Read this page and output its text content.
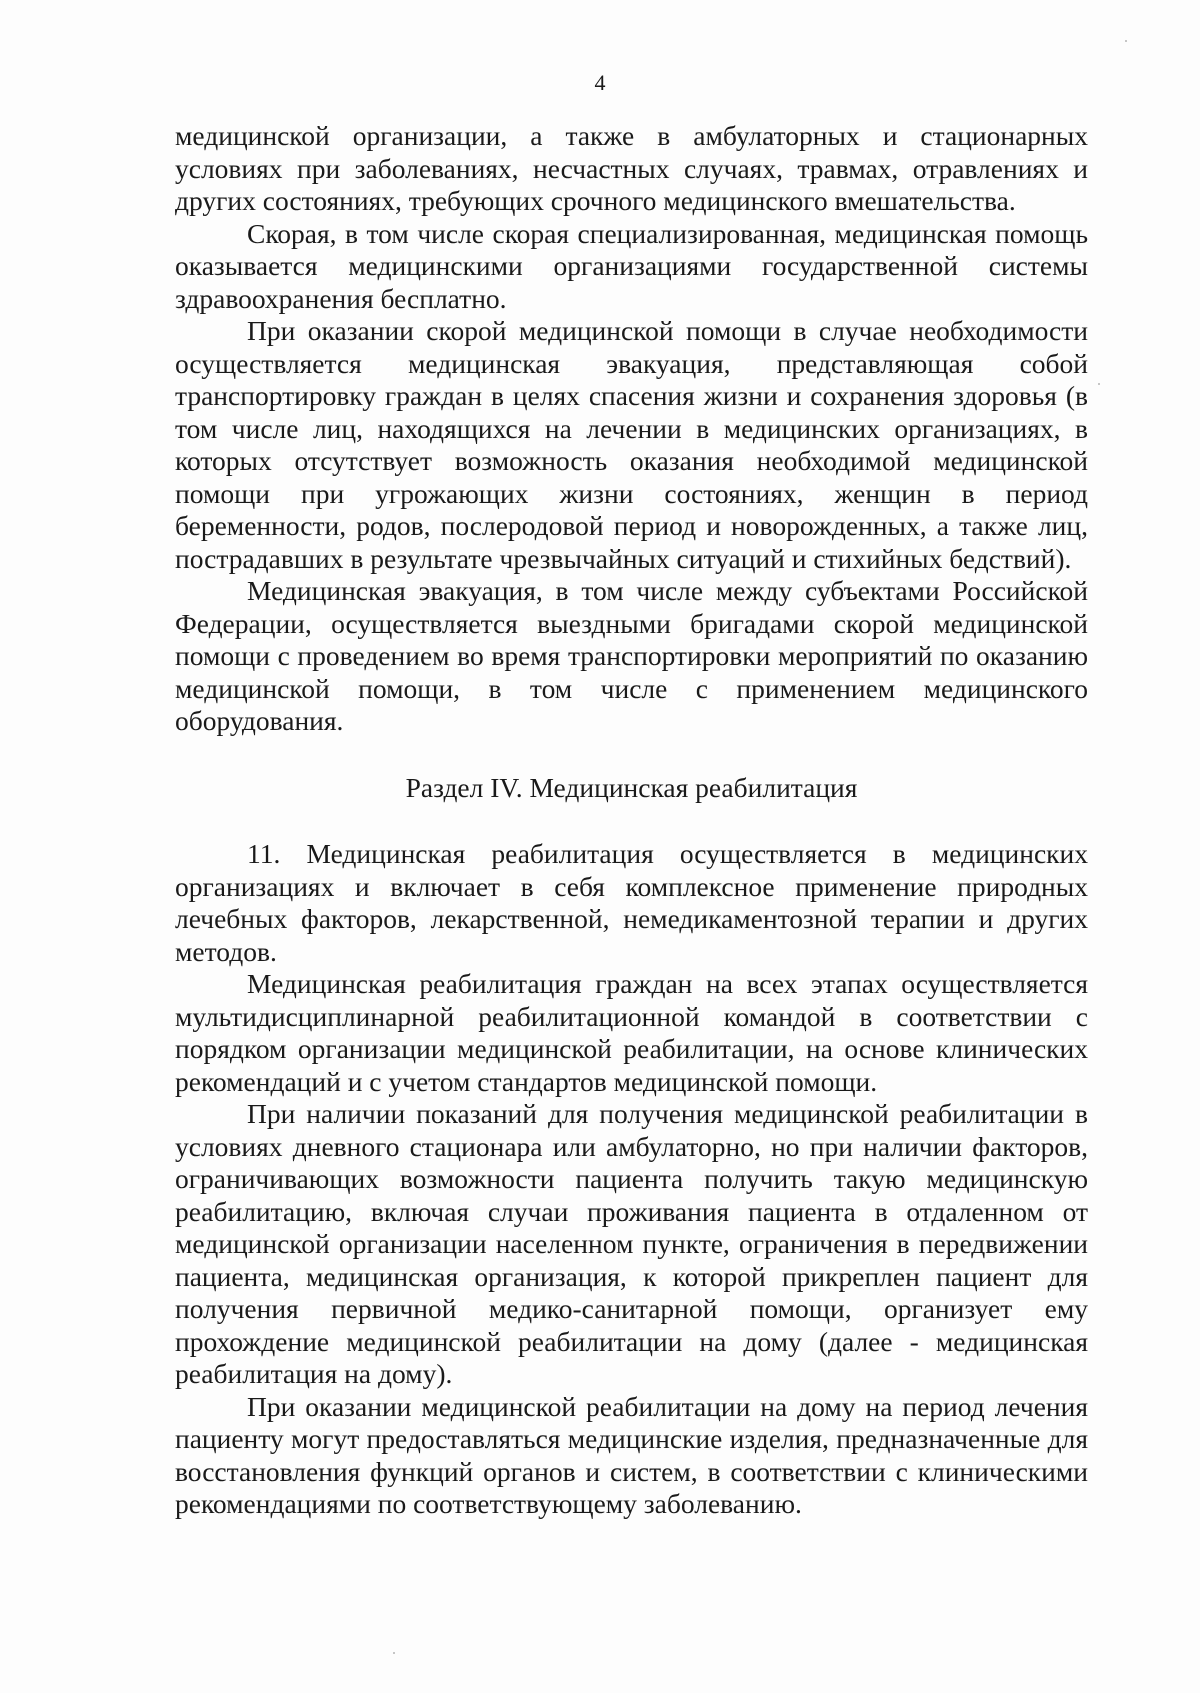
4

медицинской организации, а также в амбулаторных и стационарных условиях при заболеваниях, несчастных случаях, травмах, отравлениях и других состояниях, требующих срочного медицинского вмешательства.

Скорая, в том числе скорая специализированная, медицинская помощь оказывается медицинскими организациями государственной системы здравоохранения бесплатно.

При оказании скорой медицинской помощи в случае необходимости осуществляется медицинская эвакуация, представляющая собой транспортировку граждан в целях спасения жизни и сохранения здоровья (в том числе лиц, находящихся на лечении в медицинских организациях, в которых отсутствует возможность оказания необходимой медицинской помощи при угрожающих жизни состояниях, женщин в период беременности, родов, послеродовой период и новорожденных, а также лиц, пострадавших в результате чрезвычайных ситуаций и стихийных бедствий).

Медицинская эвакуация, в том числе между субъектами Российской Федерации, осуществляется выездными бригадами скорой медицинской помощи с проведением во время транспортировки мероприятий по оказанию медицинской помощи, в том числе с применением медицинского оборудования.

Раздел IV. Медицинская реабилитация

11. Медицинская реабилитация осуществляется в медицинских организациях и включает в себя комплексное применение природных лечебных факторов, лекарственной, немедикаментозной терапии и других методов.

Медицинская реабилитация граждан на всех этапах осуществляется мультидисциплинарной реабилитационной командой в соответствии с порядком организации медицинской реабилитации, на основе клинических рекомендаций и с учетом стандартов медицинской помощи.

При наличии показаний для получения медицинской реабилитации в условиях дневного стационара или амбулаторно, но при наличии факторов, ограничивающих возможности пациента получить такую медицинскую реабилитацию, включая случаи проживания пациента в отдаленном от медицинской организации населенном пункте, ограничения в передвижении пациента, медицинская организация, к которой прикреплен пациент для получения первичной медико-санитарной помощи, организует ему прохождение медицинской реабилитации на дому (далее - медицинская реабилитация на дому).

При оказании медицинской реабилитации на дому на период лечения пациенту могут предоставляться медицинские изделия, предназначенные для восстановления функций органов и систем, в соответствии с клиническими рекомендациями по соответствующему заболеванию.
